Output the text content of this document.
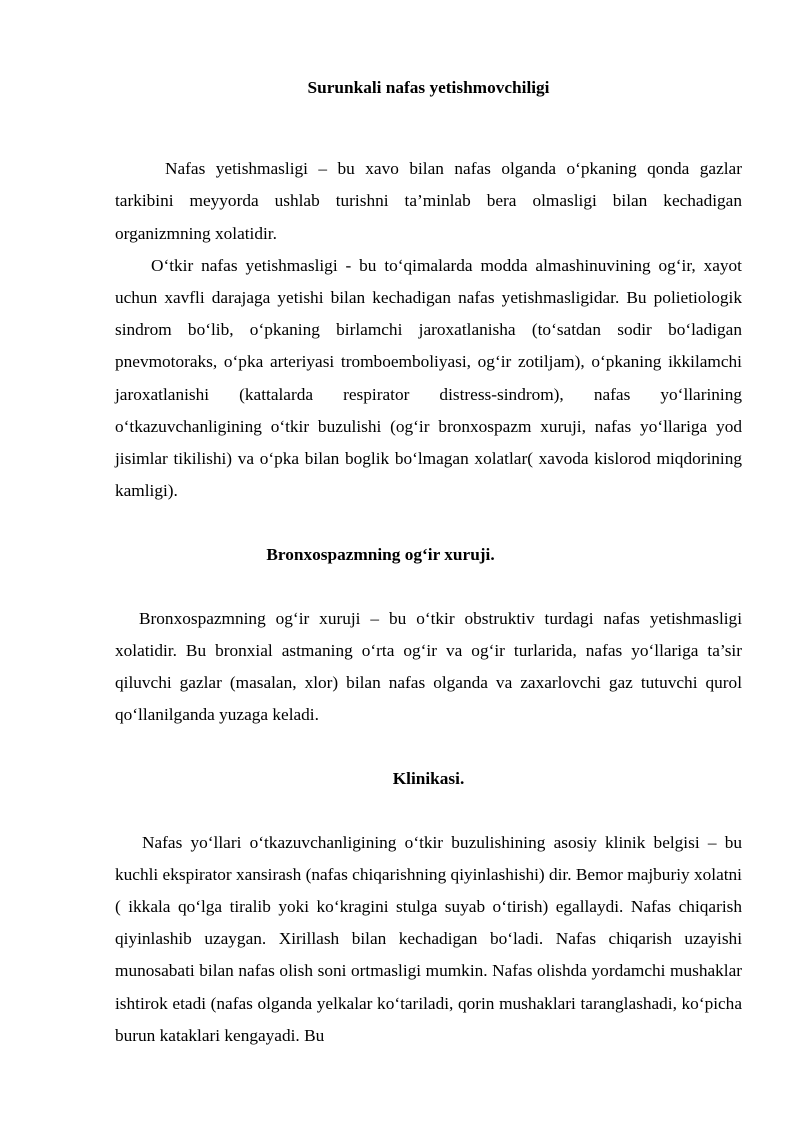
Surunkali nafas yetishmovchiligi

Nafas yetishmasligi – bu xavo bilan nafas olganda o‘pkaning qonda gazlar tarkibini meyyorda ushlab turishni ta’minlab bera olmasligi bilan kechadigan organizmning xolatidir.

O‘tkir nafas yetishmasligi - bu to‘qimalarda modda almashinuvining og‘ir, xayot uchun xavfli darajaga yetishi bilan kechadigan nafas yetishmasligidar. Bu polietiologik sindrom bo‘lib, o‘pkaning birlamchi jaroxatlanisha (to‘satdan sodir bo‘ladigan pnevmotoraks, o‘pka arteriyasi tromboemboliyasi, og‘ir zotiljam), o‘pkaning ikkilamchi jaroxatlanishi (kattalarda respirator distress-sindrom), nafas yo‘llarining o‘tkazuvchanligining o‘tkir buzulishi (og‘ir bronxospazm xuruji, nafas yo‘llariga yod jisimlar tikilishi) va o‘pka bilan boglik bo‘lmagan xolatlar( xavoda kislorod miqdorining kamligi).

Bronxospazmning og‘ir xuruji.

Bronxospazmning og‘ir xuruji – bu o‘tkir obstruktiv turdagi nafas yetishmasligi xolatidir. Bu bronxial astmaning o‘rta og‘ir va og‘ir turlarida, nafas yo‘llariga ta’sir qiluvchi gazlar (masalan, xlor) bilan nafas olganda va zaxarlovchi gaz tutuvchi qurol qo‘llanilganda yuzaga keladi.

Klinikasi.

Nafas yo‘llari o‘tkazuvchanligining o‘tkir buzulishining asosiy klinik belgisi – bu kuchli ekspirator xansirash (nafas chiqarishning qiyinlashishi) dir. Bemor majburiy xolatni ( ikkala qo‘lga tiralib yoki ko‘kragini stulga suyab o‘tirish) egallaydi. Nafas chiqarish qiyinlashib uzaygan. Xirillash bilan kechadigan bo‘ladi. Nafas chiqarish uzayishi munosabati bilan nafas olish soni ortmasligi mumkin. Nafas olishda yordamchi mushaklar ishtirok etadi (nafas olganda yelkalar ko‘tariladi, qorin mushaklari taranglashadi, ko‘picha burun kataklari kengayadi. Bu
